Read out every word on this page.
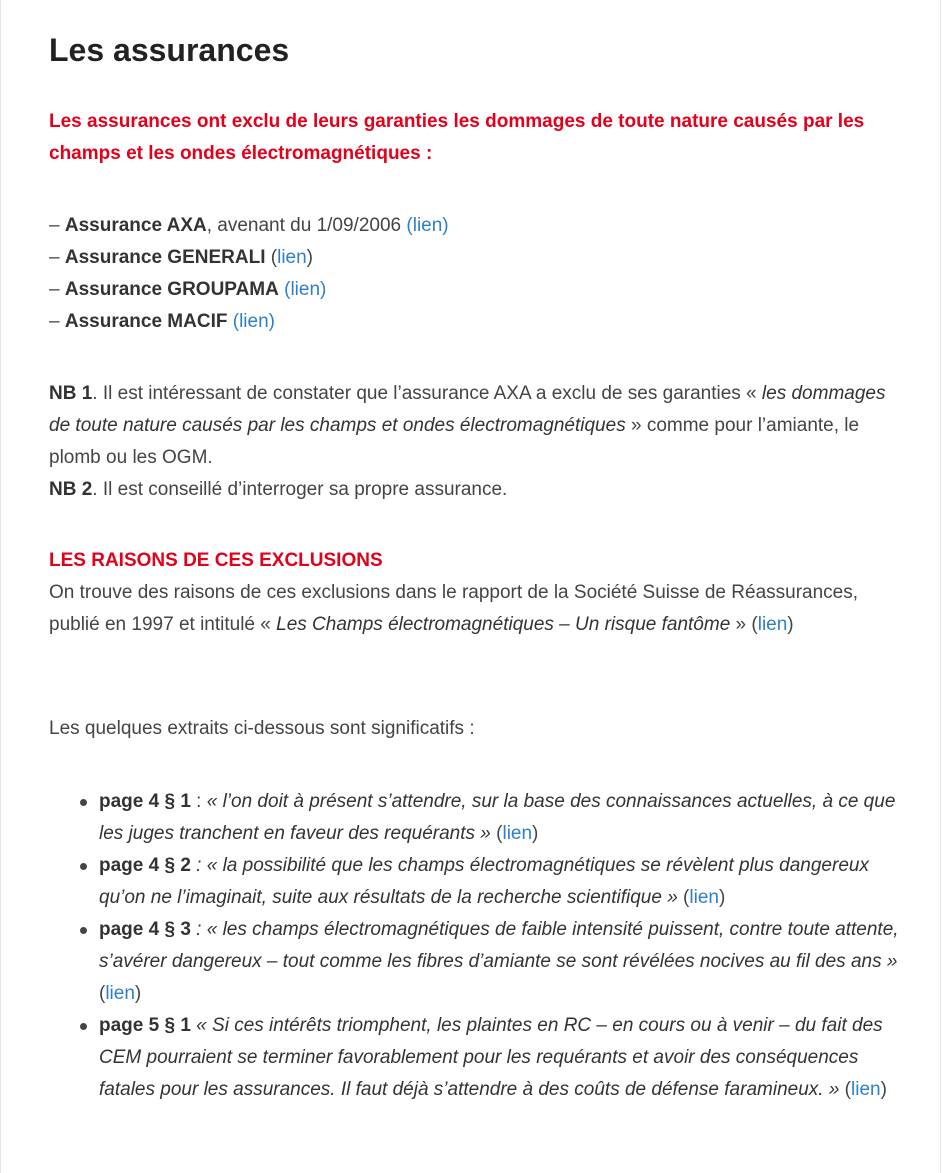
Les assurances

Les assurances ont exclu de leurs garanties les dommages de toute nature causés par les champs et les ondes électromagnétiques :

– Assurance AXA, avenant du 1/09/2006 (lien)
– Assurance GENERALI (lien)
– Assurance GROUPAMA (lien)
– Assurance MACIF (lien)

NB 1. Il est intéressant de constater que l’assurance AXA a exclu de ses garanties « les dommages de toute nature causés par les champs et ondes électromagnétiques » comme pour l’amiante, le plomb ou les OGM.

NB 2. Il est conseillé d’interroger sa propre assurance.

LES RAISONS DE CES EXCLUSIONS

On trouve des raisons de ces exclusions dans le rapport de la Société Suisse de Réassurances, publié en 1997 et intitulé « Les Champs électromagnétiques – Un risque fantôme » (lien)

Les quelques extraits ci-dessous sont significatifs :

page 4 § 1 : « l’on doit à présent s’attendre, sur la base des connaissances actuelles, à ce que les juges tranchent en faveur des requérants » (lien)
page 4 § 2 : « la possibilité que les champs électromagnétiques se révèlent plus dangereux qu’on ne l’imaginait, suite aux résultats de la recherche scientifique » (lien)
page 4 § 3 : « les champs électromagnétiques de faible intensité puissent, contre toute attente, s’avérer dangereux – tout comme les fibres d’amiante se sont révélées nocives au fil des ans » (lien)
page 5 § 1 « Si ces intérêts triomphent, les plaintes en RC – en cours ou à venir – du fait des CEM pourraient se terminer favorablement pour les requérants et avoir des conséquences fatales pour les assurances. Il faut déjà s’attendre à des coûts de défense faramineux. » (lien)
